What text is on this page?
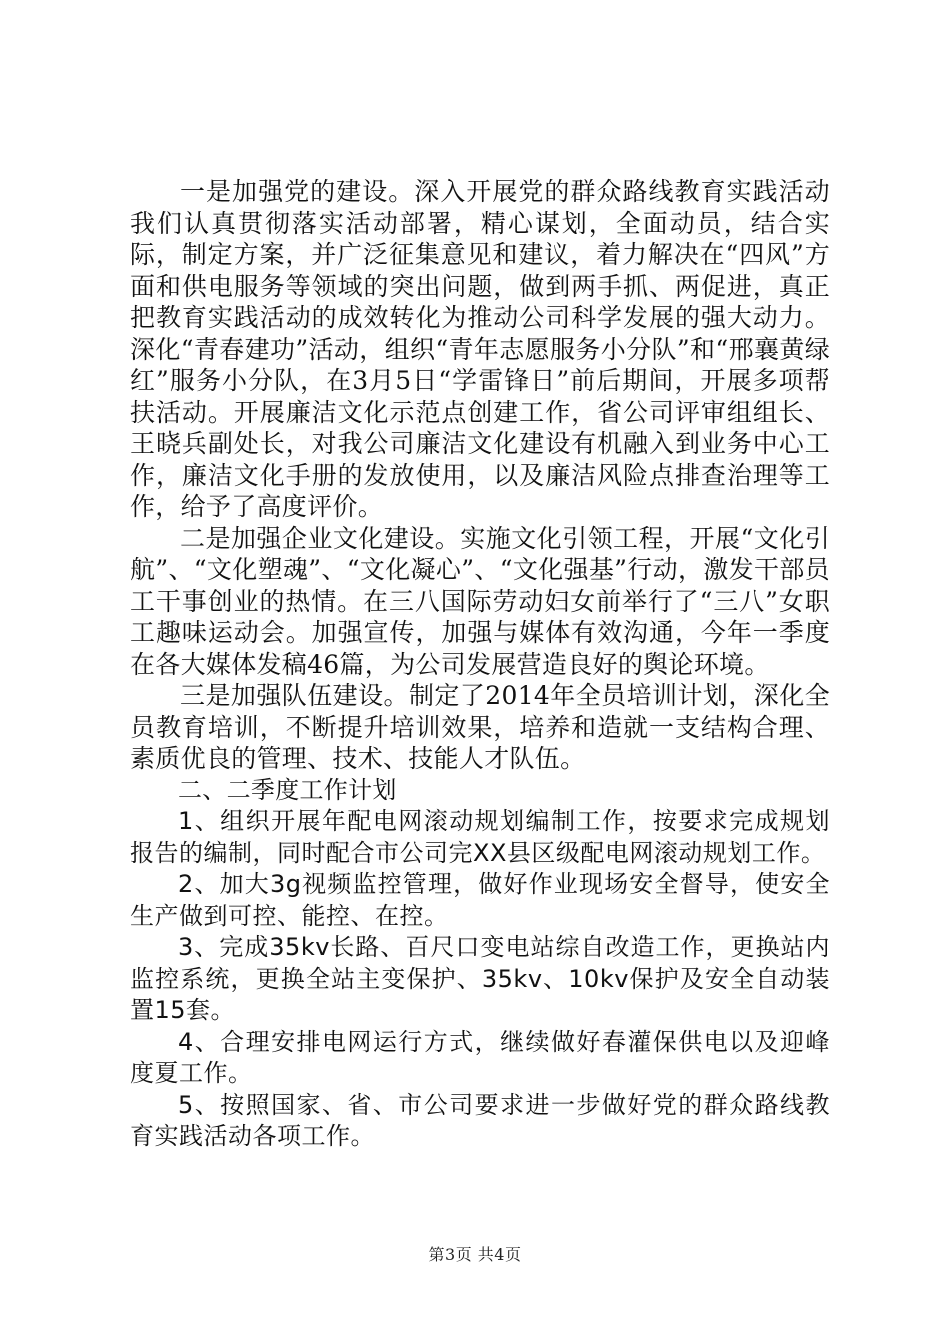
一是加强党的建设。深入开展党的群众路线教育实践活动我们认真贯彻落实活动部署，精心谋划，全面动员，结合实际，制定方案，并广泛征集意见和建议，着力解决在“四风”方面和供电服务等领域的突出问题，做到两手抓、两促进，真正把教育实践活动的成效转化为推动公司科学发展的强大动力。深化“青春建功”活动，组织“青年志愿服务小分队”和“邢襄黄绿红”服务小分队，在3月5日“学雷锋日”前后期间，开展多项帮扶活动。开展廉洁文化示范点创建工作，省公司评审组组长、王晓兵副处长，对我公司廉洁文化建设有机融入到业务中心工作，廉洁文化手册的发放使用，以及廉洁风险点排查治理等工作，给予了高度评价。

二是加强企业文化建设。实施文化引领工程，开展“文化引航”、“文化塑魂”、“文化凝心”、“文化强基”行动，激发干部员工干事创业的热情。在三八国际劳动妇女前举行了“三八”女职工趣味运动会。加强宣传，加强与媒体有效沟通，今年一季度在各大媒体发稿46篇，为公司发展营造良好的舆论环境。

三是加强队伍建设。制定了2014年全员培训计划，深化全员教育培训，不断提升培训效果，培养和造就一支结构合理、素质优良的管理、技术、技能人才队伍。

二、二季度工作计划

1、组织开展年配电网滚动规划编制工作，按要求完成规划报告的编制，同时配合市公司完XX县区级配电网滚动规划工作。

2、加大3g视频监控管理，做好作业现场安全督导，使安全生产做到可控、能控、在控。

3、完成35kv长路、百尺口变电站综自改造工作，更换站内监控系统，更换全站主变保护、35kv、10kv保护及安全自动装置15套。

4、合理安排电网运行方式，继续做好春灌保供电以及迎峰度夏工作。

5、按照国家、省、市公司要求进一步做好党的群众路线教育实践活动各项工作。

第3页 共4页
